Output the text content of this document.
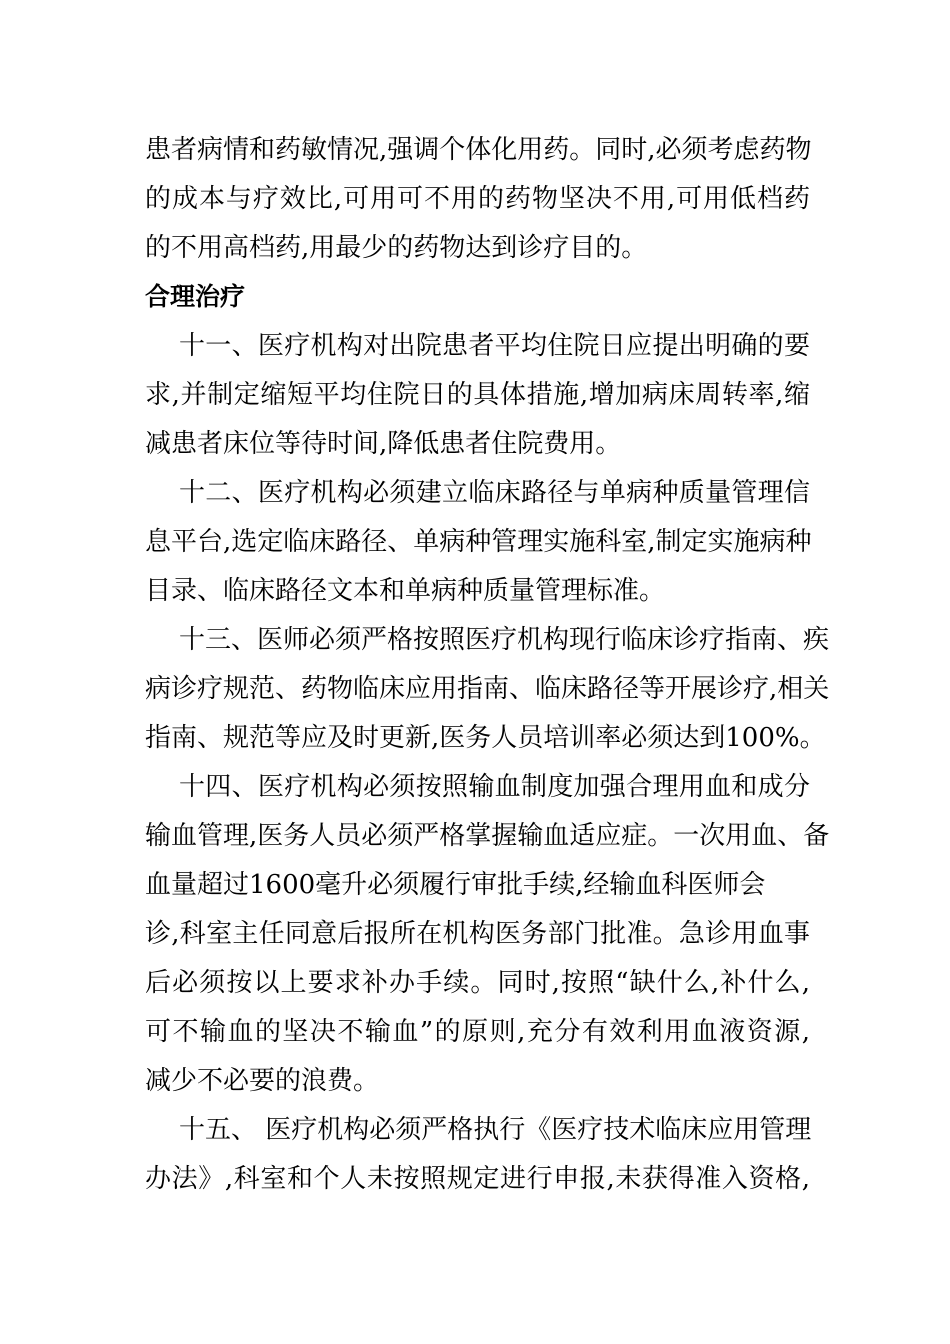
患者病情和药敏情况,强调个体化用药。同时,必须考虑药物
的成本与疗效比,可用可不用的药物坚决不用,可用低档药
的不用高档药,用最少的药物达到诊疗目的。
合理治疗
十一、医疗机构对出院患者平均住院日应提出明确的要
求,并制定缩短平均住院日的具体措施,增加病床周转率,缩
减患者床位等待时间,降低患者住院费用。
十二、医疗机构必须建立临床路径与单病种质量管理信
息平台,选定临床路径、单病种管理实施科室,制定实施病种
目录、临床路径文本和单病种质量管理标准。
十三、医师必须严格按照医疗机构现行临床诊疗指南、疾
病诊疗规范、药物临床应用指南、临床路径等开展诊疗,相关
指南、规范等应及时更新,医务人员培训率必须达到100%。
十四、医疗机构必须按照输血制度加强合理用血和成分
输血管理,医务人员必须严格掌握输血适应症。一次用血、备
血量超过1600毫升必须履行审批手续,经输血科医师会
诊,科室主任同意后报所在机构医务部门批准。急诊用血事
后必须按以上要求补办手续。同时,按照“缺什么,补什么,
可不输血的坚决不输血”的原则,充分有效利用血液资源,
减少不必要的浪费。
十五、 医疗机构必须严格执行《医疗技术临床应用管理
办法》,科室和个人未按照规定进行申报,未获得准入资格,
